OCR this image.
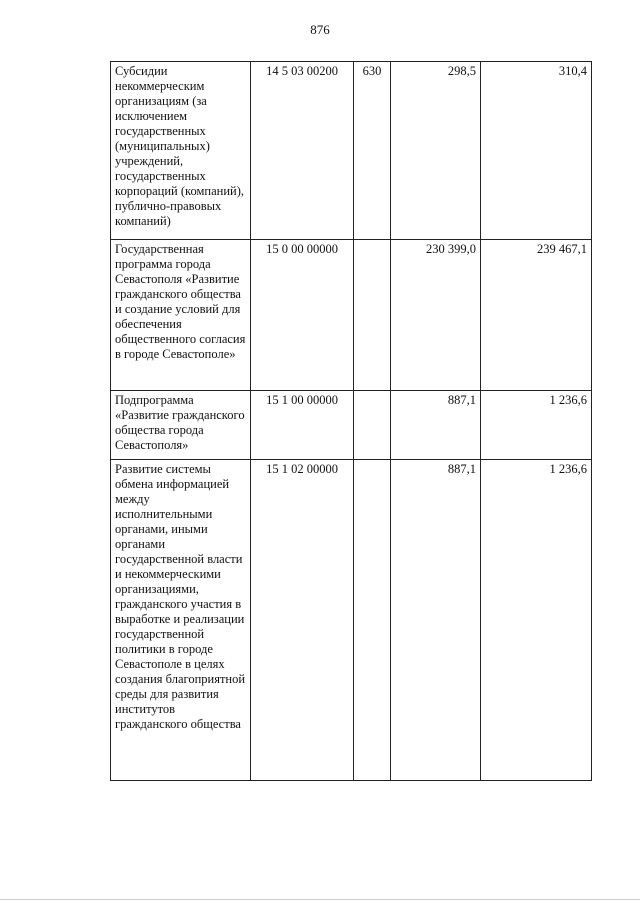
876
Субсидии некоммерческим организациям (за исключением государственных (муниципальных) учреждений, государственных корпораций (компаний), публично-правовых компаний)	14 5 03 00200	630	298,5	310,4
Государственная программа города Севастополя «Развитие гражданского общества и создание условий для обеспечения общественного согласия в городе Севастополе»	15 0 00 00000		230 399,0	239 467,1
Подпрограмма «Развитие гражданского общества города Севастополя»	15 1 00 00000		887,1	1 236,6
Развитие системы обмена информацией между исполнительными органами, иными органами государственной власти и некоммерческими организациями, гражданского участия в выработке и реализации государственной политики в городе Севастополе в целях создания благоприятной среды для развития институтов гражданского общества	15 1 02 00000		887,1	1 236,6
